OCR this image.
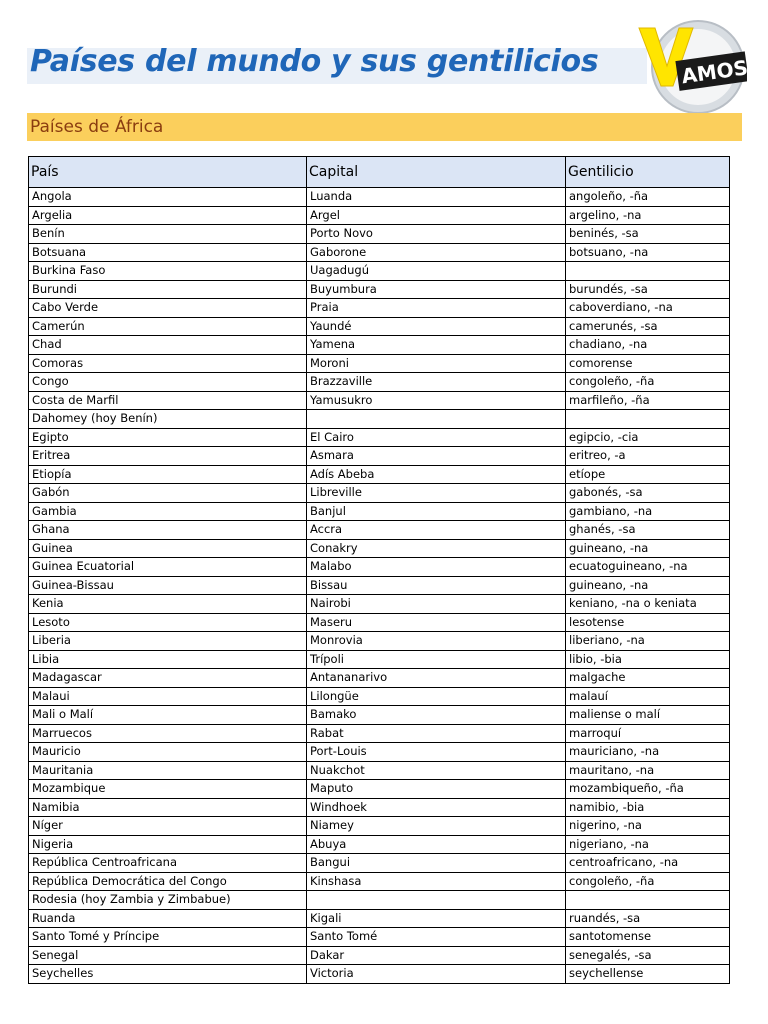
Países del mundo y sus gentilicios	AMOS
Países de África
País	Capital	Gentilicio
Angola	Luanda	angoleño, -ña
Argelia	Argel	argelino, -na
Benín	Porto Novo	beninés, -sa
Botsuana	Gaborone	botsuano, -na
Burkina Faso	Uagadugú	
Burundi	Buyumbura	burundés, -sa
Cabo Verde	Praia	caboverdiano, -na
Camerún	Yaundé	camerunés, -sa
Chad	Yamena	chadiano, -na
Comoras	Moroni	comorense
Congo	Brazzaville	congoleño, -ña
Costa de Marfil	Yamusukro	marfileño, -ña
Dahomey (hoy Benín)		
Egipto	El Cairo	egipcio, -cia
Eritrea	Asmara	eritreo, -a
Etiopía	Adís Abeba	etíope
Gabón	Libreville	gabonés, -sa
Gambia	Banjul	gambiano, -na
Ghana	Accra	ghanés, -sa
Guinea	Conakry	guineano, -na
Guinea Ecuatorial	Malabo	ecuatoguineano, -na
Guinea-Bissau	Bissau	guineano, -na
Kenia	Nairobi	keniano, -na o keniata
Lesoto	Maseru	lesotense
Liberia	Monrovia	liberiano, -na
Libia	Trípoli	libio, -bia
Madagascar	Antananarivo	malgache
Malaui	Lilongüe	malauí
Mali o Malí	Bamako	maliense o malí
Marruecos	Rabat	marroquí
Mauricio	Port-Louis	mauriciano, -na
Mauritania	Nuakchot	mauritano, -na
Mozambique	Maputo	mozambiqueño, -ña
Namibia	Windhoek	namibio, -bia
Níger	Niamey	nigerino, -na
Nigeria	Abuya	nigeriano, -na
República Centroafricana	Bangui	centroafricano, -na
República Democrática del Congo	Kinshasa	congoleño, -ña
Rodesia (hoy Zambia y Zimbabue)		
Ruanda	Kigali	ruandés, -sa
Santo Tomé y Príncipe	Santo Tomé	santotomense
Senegal	Dakar	senegalés, -sa
Seychelles	Victoria	seychellense
